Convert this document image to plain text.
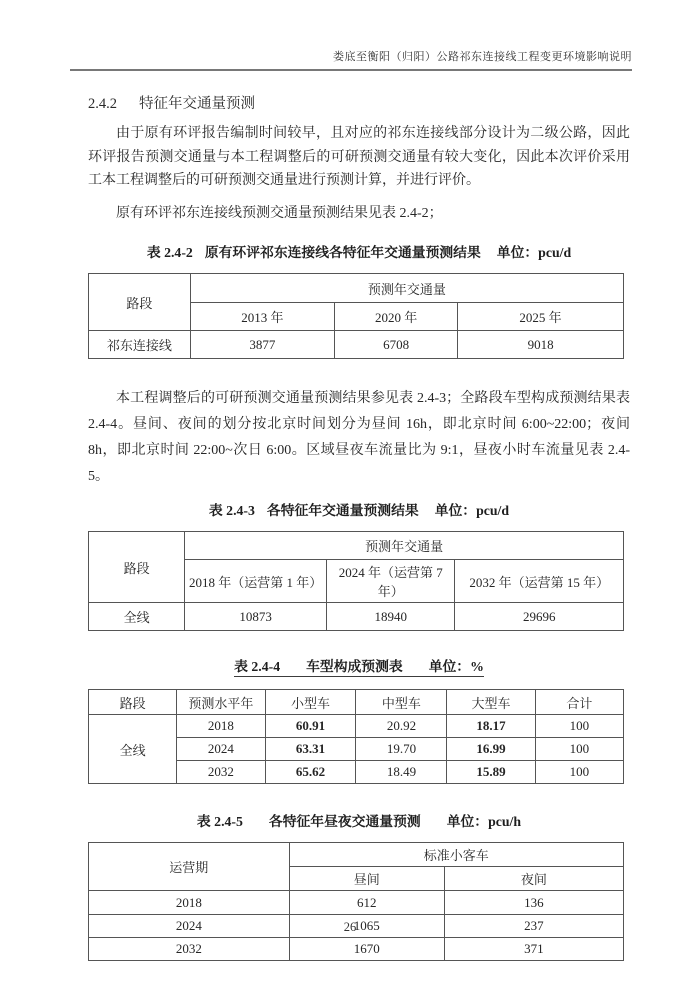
娄底至衡阳（归阳）公路祁东连接线工程变更环境影响说明
2.4.2 特征年交通量预测

由于原有环评报告编制时间较早，且对应的祁东连接线部分设计为二级公路，因此环评报告预测交通量与本工程调整后的可研预测交通量有较大变化，因此本次评价采用工本工程调整后的可研预测交通量进行预测计算，并进行评价。

原有环评祁东连接线预测交通量预测结果见表 2.4-2；

表 2.4-2 原有环评祁东连接线各特征年交通量预测结果 单位：pcu/d
路段	预测年交通量		
	2013 年	2020 年	2025 年
祁东连接线	3877	6708	9018

本工程调整后的可研预测交通量预测结果参见表 2.4-3；全路段车型构成预测结果表 2.4-4。昼间、夜间的划分按北京时间划分为昼间 16h，即北京时间 6:00~22:00；夜间 8h，即北京时间 22:00~次日 6:00。区域昼夜车流量比为 9:1，昼夜小时车流量见表 2.4-5。

表 2.4-3 各特征年交通量预测结果 单位：pcu/d
路段	预测年交通量		
	2018 年（运营第 1 年）	2024 年（运营第 7 年）	2032 年（运营第 15 年）
全线	10873	18940	29696
表 2.4-4 车型构成预测表 单位：%
路段	预测水平年	小型车	中型车	大型车	合计
全线	2018	60.91	20.92	18.17	100
	2024	63.31	19.70	16.99	100
	2032	65.62	18.49	15.89	100
表 2.4-5 各特征年昼夜交通量预测 单位：pcu/h
运营期	标准小客车	
	昼间	夜间
2018	612	136
2024	1065	237
2032	1670	371
26
